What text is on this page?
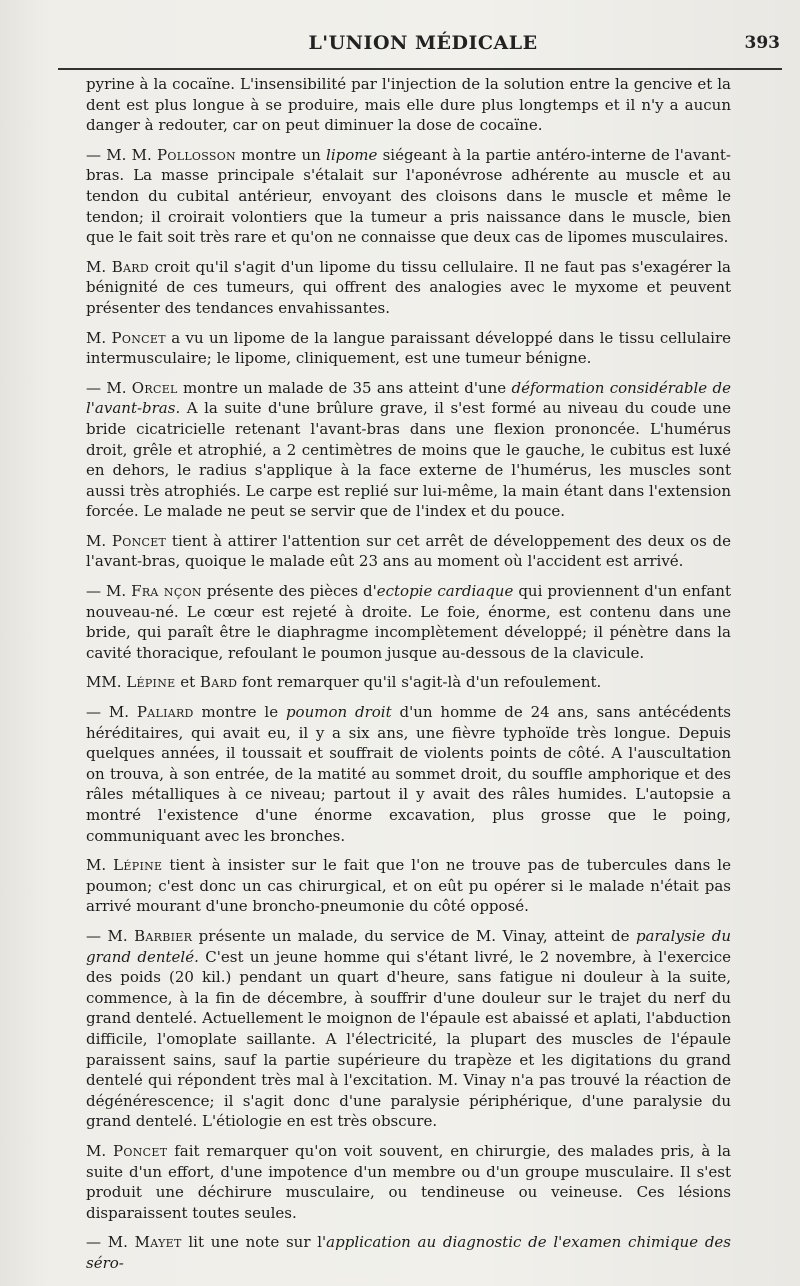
L'UNION MÉDICALE	393

pyrine à la cocaïne. L'insensibilité par l'injection de la solution entre la gencive et la dent est plus longue à se produire, mais elle dure plus longtemps et il n'y a aucun danger à redouter, car on peut diminuer la dose de cocaïne.

— M. M. Pollosson montre un lipome siégeant à la partie antéro-interne de l'avant-bras. La masse principale s'étalait sur l'aponévrose adhérente au muscle et au tendon du cubital antérieur, envoyant des cloisons dans le muscle et même le tendon; il croirait volontiers que la tumeur a pris naissance dans le muscle, bien que le fait soit très rare et qu'on ne connaisse que deux cas de lipomes musculaires.

M. Bard croit qu'il s'agit d'un lipome du tissu cellulaire. Il ne faut pas s'exagérer la bénignité de ces tumeurs, qui offrent des analogies avec le myxome et peuvent présenter des tendances envahissantes.

M. Poncet a vu un lipome de la langue paraissant développé dans le tissu cellulaire intermusculaire; le lipome, cliniquement, est une tumeur bénigne.

— M. Orcel montre un malade de 35 ans atteint d'une déformation considérable de l'avant-bras. A la suite d'une brûlure grave, il s'est formé au niveau du coude une bride cicatricielle retenant l'avant-bras dans une flexion prononcée. L'humérus droit, grêle et atrophié, a 2 centimètres de moins que le gauche, le cubitus est luxé en dehors, le radius s'applique à la face externe de l'humérus, les muscles sont aussi très atrophiés. Le carpe est replié sur lui-même, la main étant dans l'extension forcée. Le malade ne peut se servir que de l'index et du pouce.

M. Poncet tient à attirer l'attention sur cet arrêt de développement des deux os de l'avant-bras, quoique le malade eût 23 ans au moment où l'accident est arrivé.

— M. Fra nçon présente des pièces d'ectopie cardiaque qui proviennent d'un enfant nouveau-né. Le cœur est rejeté à droite. Le foie, énorme, est contenu dans une bride, qui paraît être le diaphragme incomplètement développé; il pénètre dans la cavité thoracique, refoulant le poumon jusque au-dessous de la clavicule.

MM. Lépine et Bard font remarquer qu'il s'agit-là d'un refoulement.

— M. Paliard montre le poumon droit d'un homme de 24 ans, sans antécédents héréditaires, qui avait eu, il y a six ans, une fièvre typhoïde très longue. Depuis quelques années, il toussait et souffrait de violents points de côté. A l'auscultation on trouva, à son entrée, de la matité au sommet droit, du souffle amphorique et des râles métalliques à ce niveau; partout il y avait des râles humides. L'autopsie a montré l'existence d'une énorme excavation, plus grosse que le poing, communiquant avec les bronches.

M. Lépine tient à insister sur le fait que l'on ne trouve pas de tubercules dans le poumon; c'est donc un cas chirurgical, et on eût pu opérer si le malade n'était pas arrivé mourant d'une broncho-pneumonie du côté opposé.

— M. Barbier présente un malade, du service de M. Vinay, atteint de paralysie du grand dentelé. C'est un jeune homme qui s'étant livré, le 2 novembre, à l'exercice des poids (20 kil.) pendant un quart d'heure, sans fatigue ni douleur à la suite, commence, à la fin de décembre, à souffrir d'une douleur sur le trajet du nerf du grand dentelé. Actuellement le moignon de l'épaule est abaissé et aplati, l'abduction difficile, l'omoplate saillante. A l'électricité, la plupart des muscles de l'épaule paraissent sains, sauf la partie supérieure du trapèze et les digitations du grand dentelé qui répondent très mal à l'excitation. M. Vinay n'a pas trouvé la réaction de dégénérescence; il s'agit donc d'une paralysie périphérique, d'une paralysie du grand dentelé. L'étiologie en est très obscure.

M. Poncet fait remarquer qu'on voit souvent, en chirurgie, des malades pris, à la suite d'un effort, d'une impotence d'un membre ou d'un groupe musculaire. Il s'est produit une déchirure musculaire, ou tendineuse ou veineuse. Ces lésions disparaissent toutes seules.

— M. Mayet lit une note sur l'application au diagnostic de l'examen chimique des séro-
